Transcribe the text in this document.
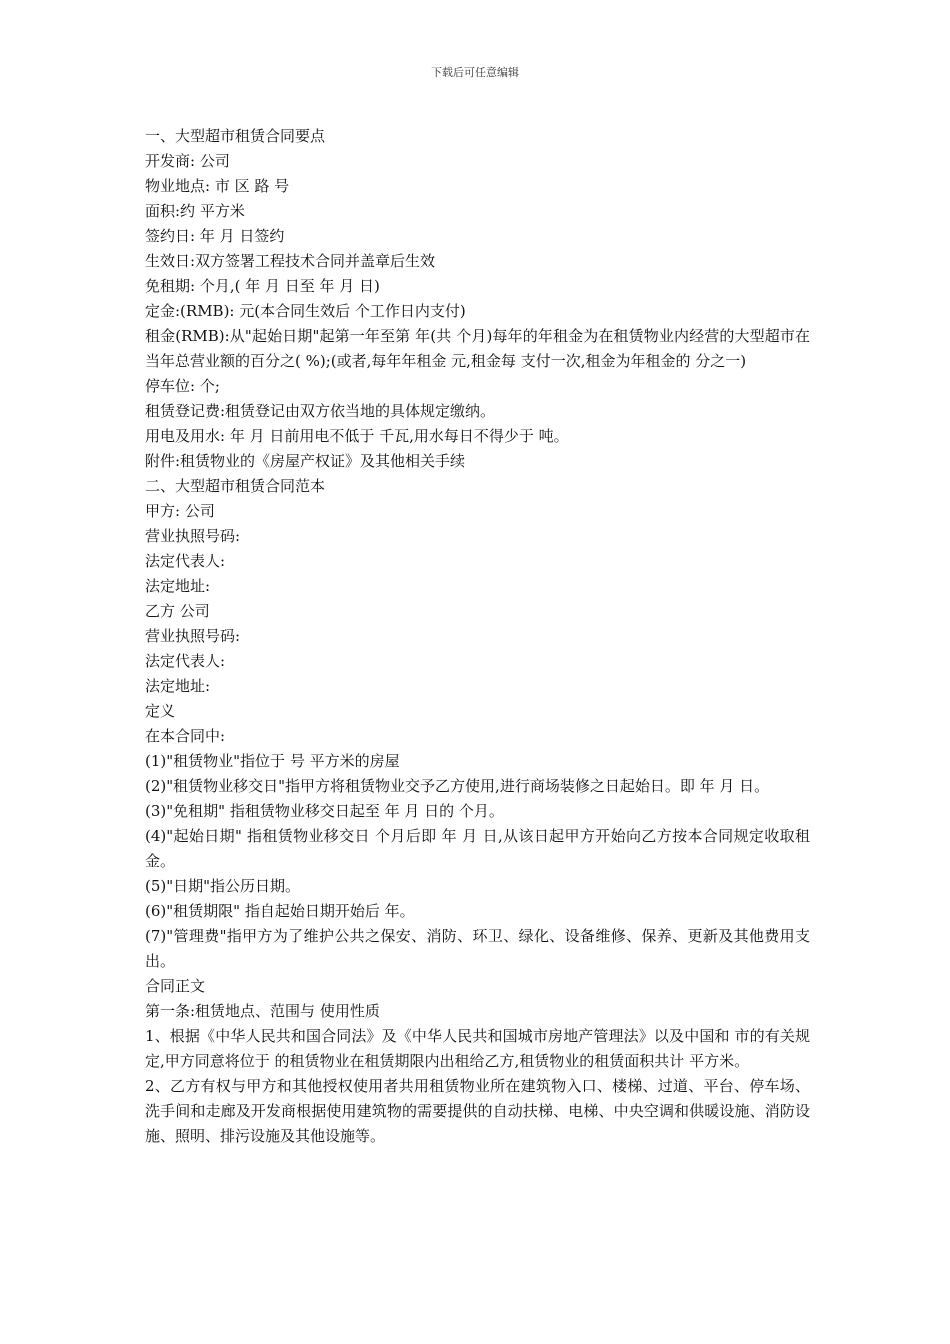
下载后可任意编辑

一、大型超市租赁合同要点

开发商: 公司

物业地点: 市 区 路 号

面积:约 平方米

签约日: 年 月 日签约

生效日:双方签署工程技术合同并盖章后生效

免租期: 个月,( 年 月 日至 年 月 日)

定金:(RMB): 元(本合同生效后 个工作日内支付)

租金(RMB):从"起始日期"起第一年至第 年(共 个月)每年的年租金为在租赁物业内经营的大型超市在当年总营业额的百分之( %);(或者,每年年租金 元,租金每 支付一次,租金为年租金的 分之一)

停车位: 个;

租赁登记费:租赁登记由双方依当地的具体规定缴纳。

用电及用水: 年 月 日前用电不低于 千瓦,用水每日不得少于 吨。

附件:租赁物业的《房屋产权证》及其他相关手续

二、大型超市租赁合同范本

甲方: 公司

营业执照号码:

法定代表人:

法定地址:

乙方 公司

营业执照号码:

法定代表人:

法定地址:

定义

在本合同中:

(1)"租赁物业"指位于 号 平方米的房屋

(2)"租赁物业移交日"指甲方将租赁物业交予乙方使用,进行商场装修之日起始日。即 年 月 日。

(3)"免租期" 指租赁物业移交日起至 年 月 日的 个月。

(4)"起始日期" 指租赁物业移交日 个月后即 年 月 日,从该日起甲方开始向乙方按本合同规定收取租金。

(5)"日期"指公历日期。

(6)"租赁期限" 指自起始日期开始后 年。

(7)"管理费"指甲方为了维护公共之保安、消防、环卫、绿化、设备维修、保养、更新及其他费用支出。

合同正文

第一条:租赁地点、范围与 使用性质

1、根据《中华人民共和国合同法》及《中华人民共和国城市房地产管理法》以及中国和 市的有关规定,甲方同意将位于 的租赁物业在租赁期限内出租给乙方,租赁物业的租赁面积共计 平方米。

2、乙方有权与甲方和其他授权使用者共用租赁物业所在建筑物入口、楼梯、过道、平台、停车场、洗手间和走廊及开发商根据使用建筑物的需要提供的自动扶梯、电梯、中央空调和供暖设施、消防设施、照明、排污设施及其他设施等。
